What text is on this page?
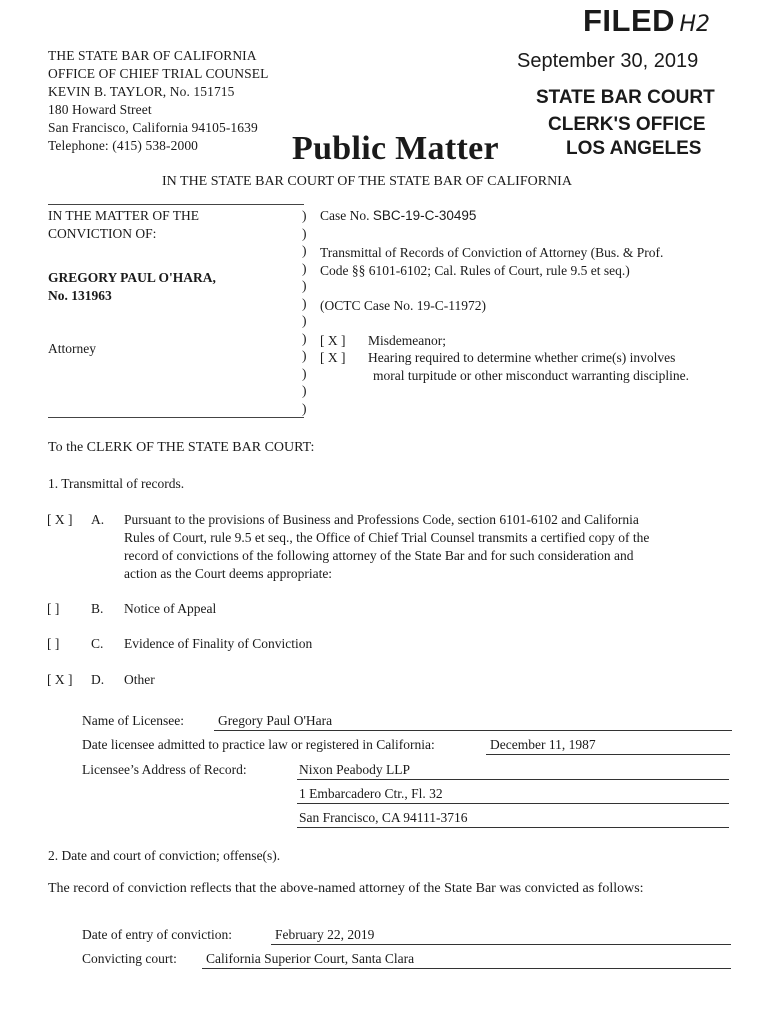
THE STATE BAR OF CALIFORNIA
OFFICE OF CHIEF TRIAL COUNSEL
KEVIN B. TAYLOR, No. 151715
180 Howard Street
San Francisco, California 94105-1639
Telephone: (415) 538-2000
FILED H2
September 30, 2019
STATE BAR COURT
CLERK'S OFFICE
LOS ANGELES
Public Matter
IN THE STATE BAR COURT OF THE STATE BAR OF CALIFORNIA
IN THE MATTER OF THE
CONVICTION OF:
GREGORY PAUL O'HARA,
No. 131963
Attorney
)
)
)
)
)
)
)
)
)
)
)
)
Case No. SBC-19-C-30495
Transmittal of Records of Conviction of Attorney (Bus. & Prof.
Code §§ 6101-6102; Cal. Rules of Court, rule 9.5 et seq.)
(OCTC Case No. 19-C-11972)
[ X ] Misdemeanor;
[ X ] Hearing required to determine whether crime(s) involves
moral turpitude or other misconduct warranting discipline.
To the CLERK OF THE STATE BAR COURT:
1. Transmittal of records.
[ X ] A. Pursuant to the provisions of Business and Professions Code, section 6101-6102 and California
Rules of Court, rule 9.5 et seq., the Office of Chief Trial Counsel transmits a certified copy of the
record of convictions of the following attorney of the State Bar and for such consideration and
action as the Court deems appropriate:
[ ] B. Notice of Appeal
[ ] C. Evidence of Finality of Conviction
[ X ] D. Other
Name of Licensee:	Gregory Paul O'Hara
Date licensee admitted to practice law or registered in California:	December 11, 1987
Licensee’s Address of Record:	Nixon Peabody LLP
1 Embarcadero Ctr., Fl. 32
San Francisco, CA 94111-3716
2. Date and court of conviction; offense(s).
The record of conviction reflects that the above-named attorney of the State Bar was convicted as follows:
Date of entry of conviction:	February 22, 2019
Convicting court: California Superior Court, Santa Clara
